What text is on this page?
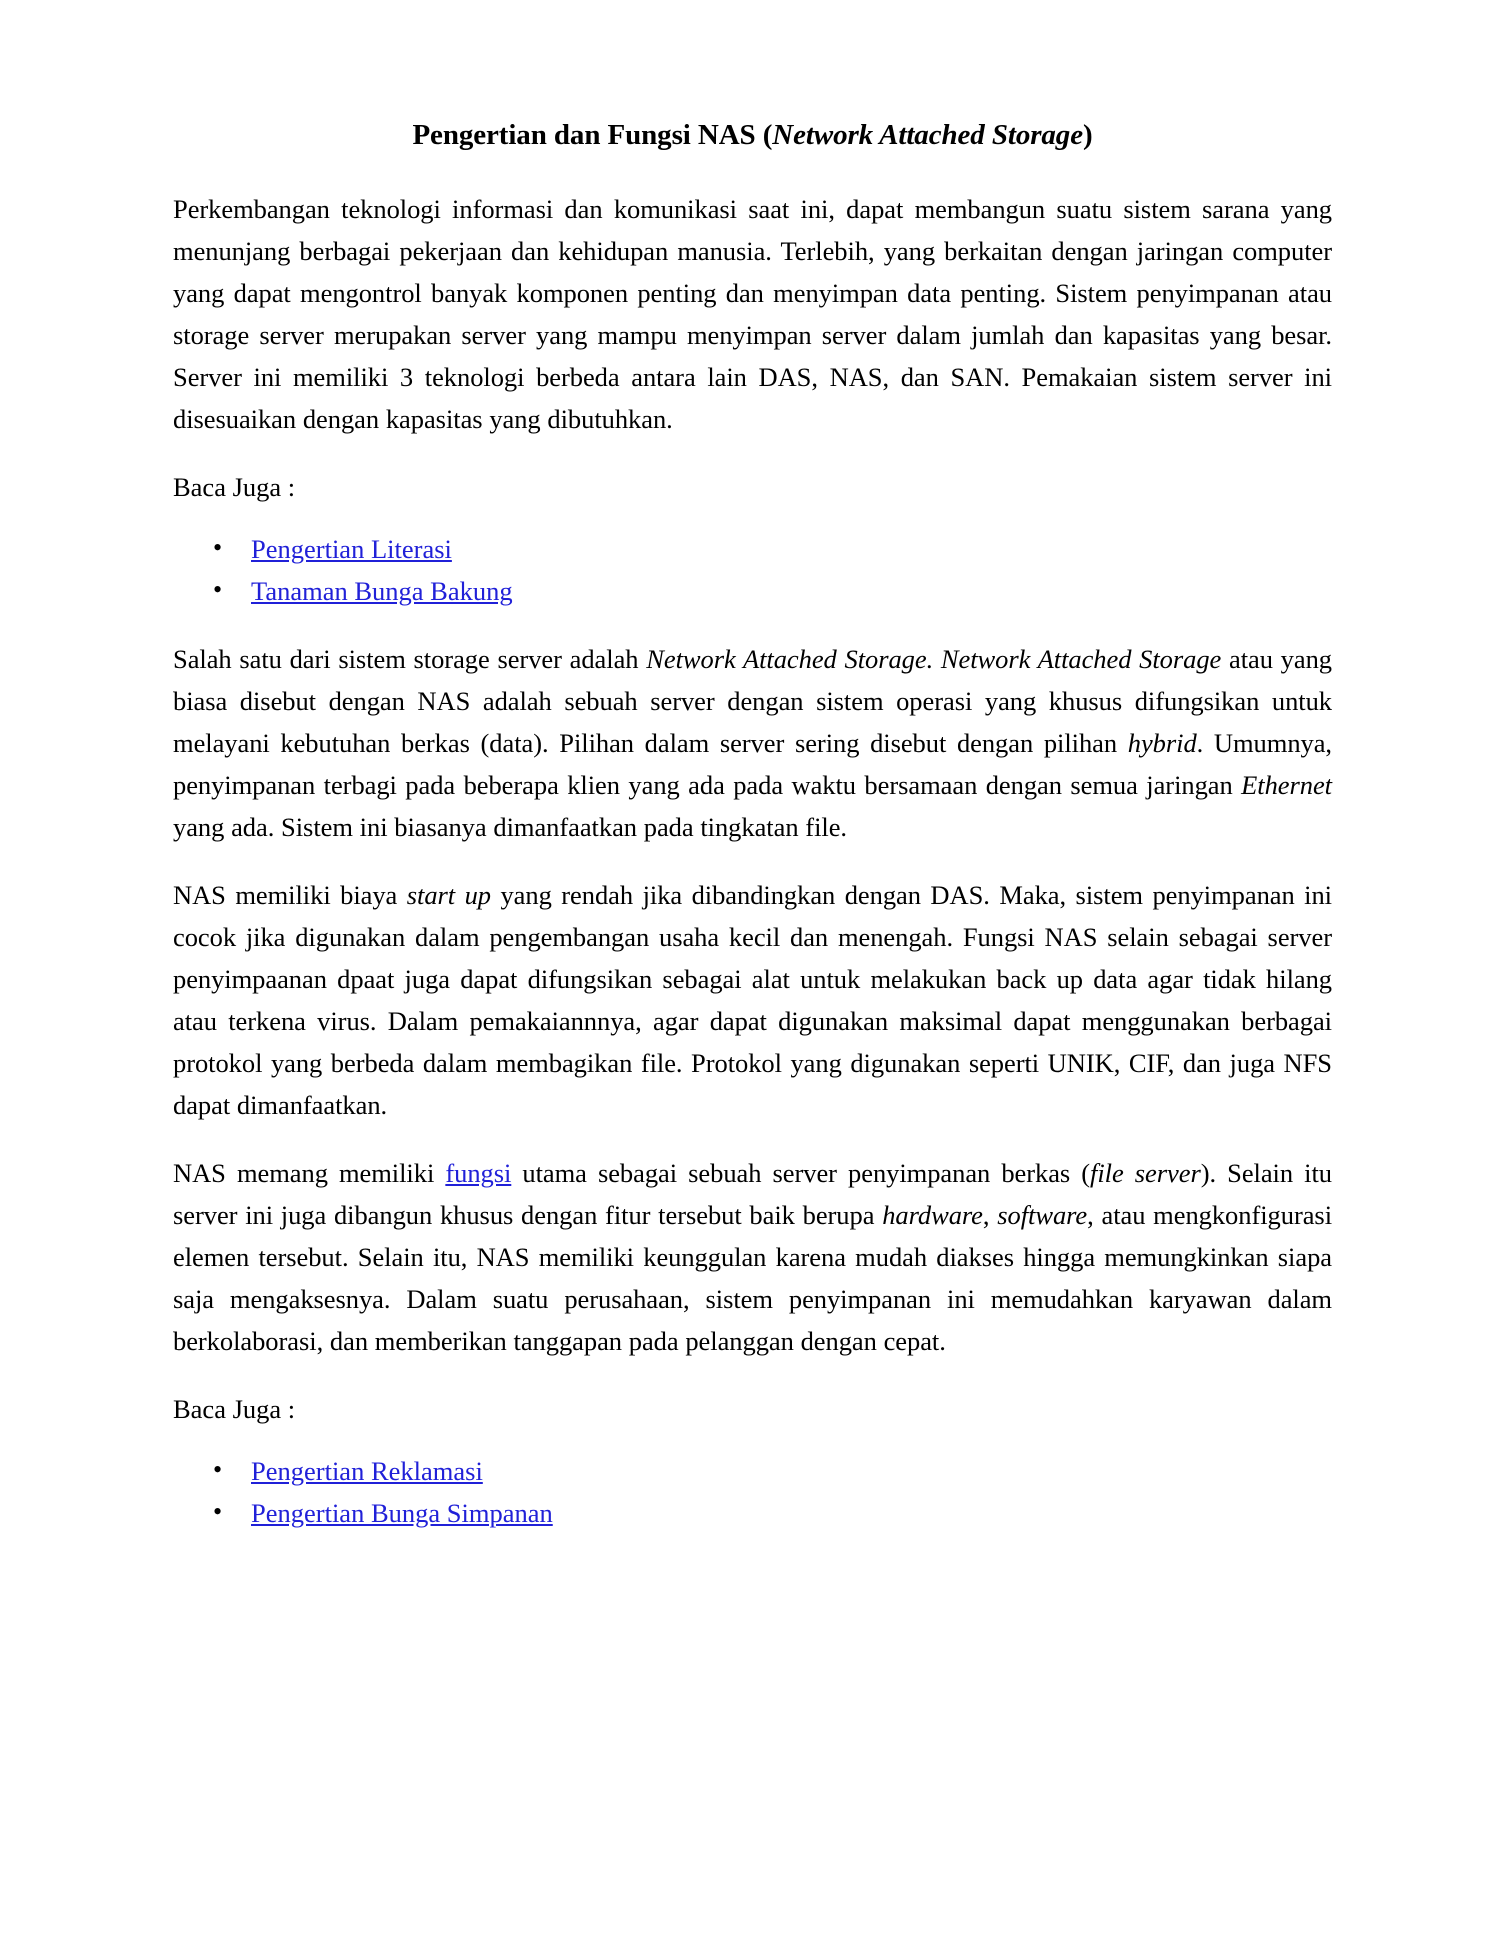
Pengertian dan Fungsi NAS (Network Attached Storage)

Perkembangan teknologi informasi dan komunikasi saat ini, dapat membangun suatu sistem sarana yang menunjang berbagai pekerjaan dan kehidupan manusia. Terlebih, yang berkaitan dengan jaringan computer yang dapat mengontrol banyak komponen penting dan menyimpan data penting. Sistem penyimpanan atau storage server merupakan server yang mampu menyimpan server dalam jumlah dan kapasitas yang besar. Server ini memiliki 3 teknologi berbeda antara lain DAS, NAS, dan SAN. Pemakaian sistem server ini disesuaikan dengan kapasitas yang dibutuhkan.

Baca Juga :

• Pengertian Literasi
• Tanaman Bunga Bakung

Salah satu dari sistem storage server adalah Network Attached Storage. Network Attached Storage atau yang biasa disebut dengan NAS adalah sebuah server dengan sistem operasi yang khusus difungsikan untuk melayani kebutuhan berkas (data). Pilihan dalam server sering disebut dengan pilihan hybrid. Umumnya, penyimpanan terbagi pada beberapa klien yang ada pada waktu bersamaan dengan semua jaringan Ethernet yang ada. Sistem ini biasanya dimanfaatkan pada tingkatan file.

NAS memiliki biaya start up yang rendah jika dibandingkan dengan DAS. Maka, sistem penyimpanan ini cocok jika digunakan dalam pengembangan usaha kecil dan menengah. Fungsi NAS selain sebagai server penyimpaanan dpaat juga dapat difungsikan sebagai alat untuk melakukan back up data agar tidak hilang atau terkena virus. Dalam pemakaiannnya, agar dapat digunakan maksimal dapat menggunakan berbagai protokol yang berbeda dalam membagikan file. Protokol yang digunakan seperti UNIK, CIF, dan juga NFS dapat dimanfaatkan.

NAS memang memiliki fungsi utama sebagai sebuah server penyimpanan berkas (file server). Selain itu server ini juga dibangun khusus dengan fitur tersebut baik berupa hardware, software, atau mengkonfigurasi elemen tersebut. Selain itu, NAS memiliki keunggulan karena mudah diakses hingga memungkinkan siapa saja mengaksesnya. Dalam suatu perusahaan, sistem penyimpanan ini memudahkan karyawan dalam berkolaborasi, dan memberikan tanggapan pada pelanggan dengan cepat.

Baca Juga :

• Pengertian Reklamasi
• Pengertian Bunga Simpanan
